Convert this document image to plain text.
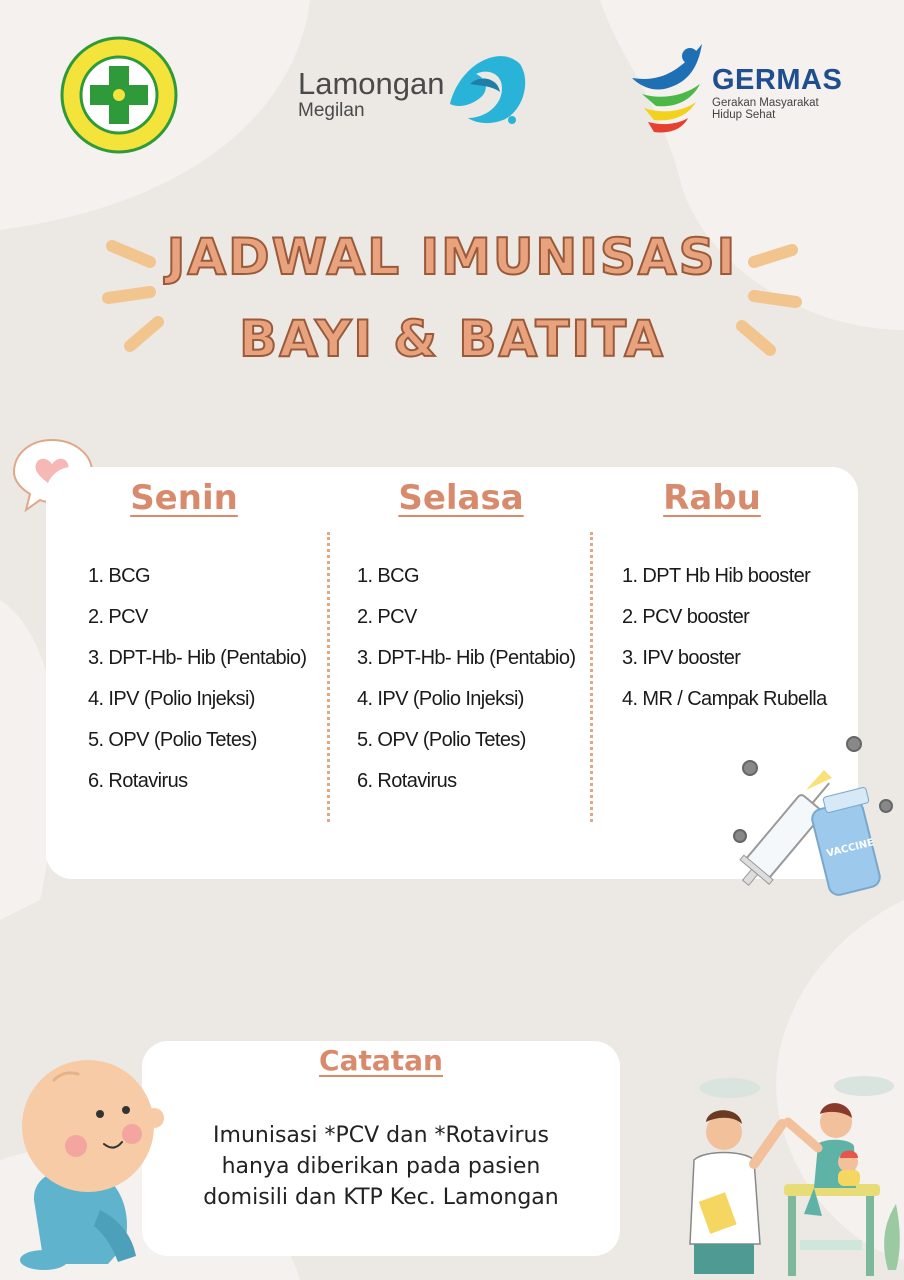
Lamongan
Megilan
GERMAS
Gerakan Masyarakat
Hidup Sehat
JADWAL IMUNISASI
BAYI & BATITA
Senin	Selasa	Rabu
1. BCG
2. PCV
3. DPT-Hb- Hib (Pentabio)
4. IPV (Polio Injeksi)
5. OPV (Polio Tetes)
6. Rotavirus
1. BCG
2. PCV
3. DPT-Hb- Hib (Pentabio)
4. IPV (Polio Injeksi)
5. OPV (Polio Tetes)
6. Rotavirus
1. DPT Hb Hib booster
2. PCV booster
3. IPV booster
4. MR / Campak Rubella
VACCINE
Catatan
Imunisasi *PCV dan *Rotavirus
hanya diberikan pada pasien
domisili dan KTP Kec. Lamongan
